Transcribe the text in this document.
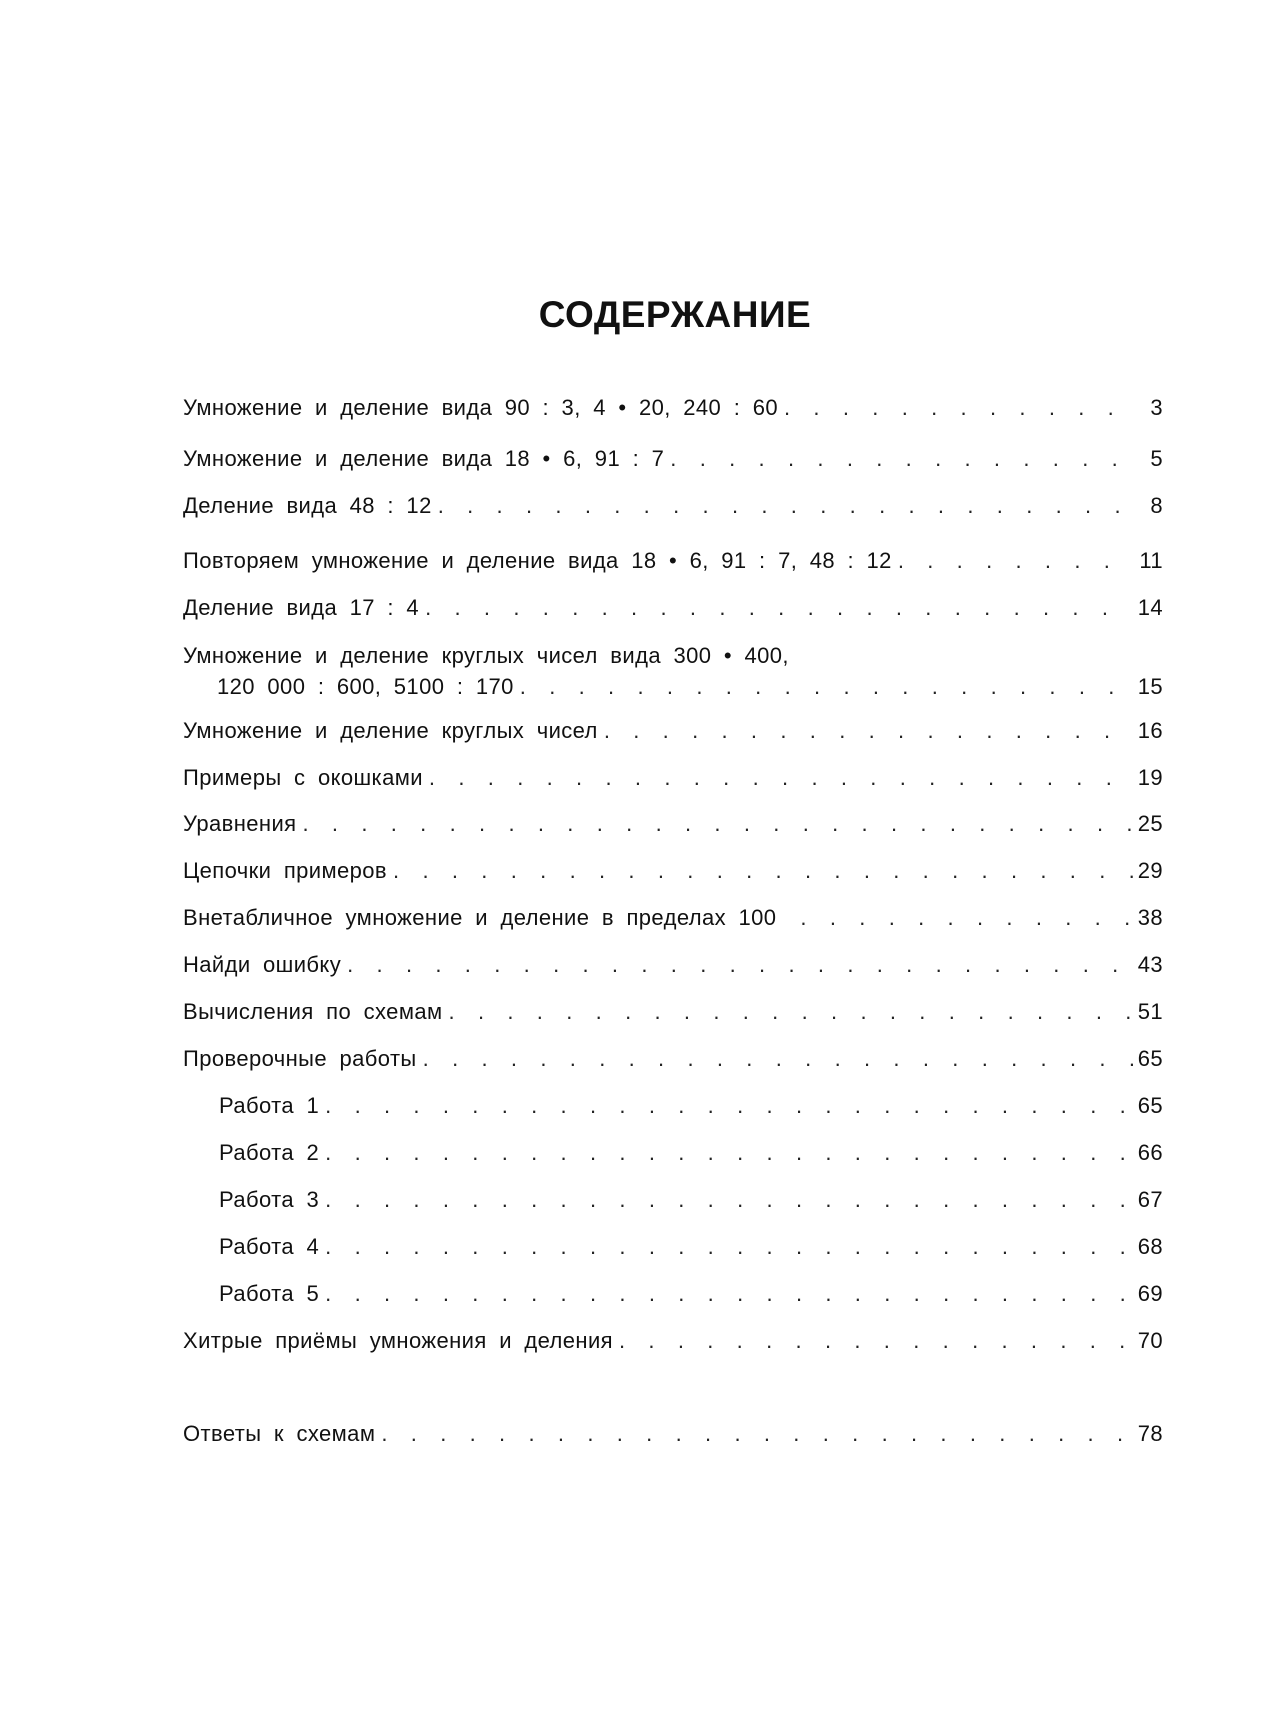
СОДЕРЖАНИЕ
Умножение и деление вида 90 : 3, 4 • 20, 240 : 60 . . .	3
Умножение и деление вида 18 • 6, 91 : 7 . . .	5
Деление вида 48 : 12 . . .	8
Повторяем умножение и деление вида 18 • 6, 91 : 7, 48 : 12 . . .	11
Деление вида 17 : 4 . . .	14
Умножение и деление круглых чисел вида 300 • 400,
120 000 : 600, 5100 : 170 . . .	15
Умножение и деление круглых чисел . . .	16
Примеры с окошками . . .	19
Уравнения . . .	25
Цепочки примеров . . .	29
Внетабличное умножение и деление в пределах 100 . . .	38
Найди ошибку . . .	43
Вычисления по схемам . . .	51
Проверочные работы . . .	65
Работа 1 . . .	65
Работа 2 . . .	66
Работа 3 . . .	67
Работа 4 . . .	68
Работа 5 . . .	69
Хитрые приёмы умножения и деления . . .	70
Ответы к схемам . . .	78
